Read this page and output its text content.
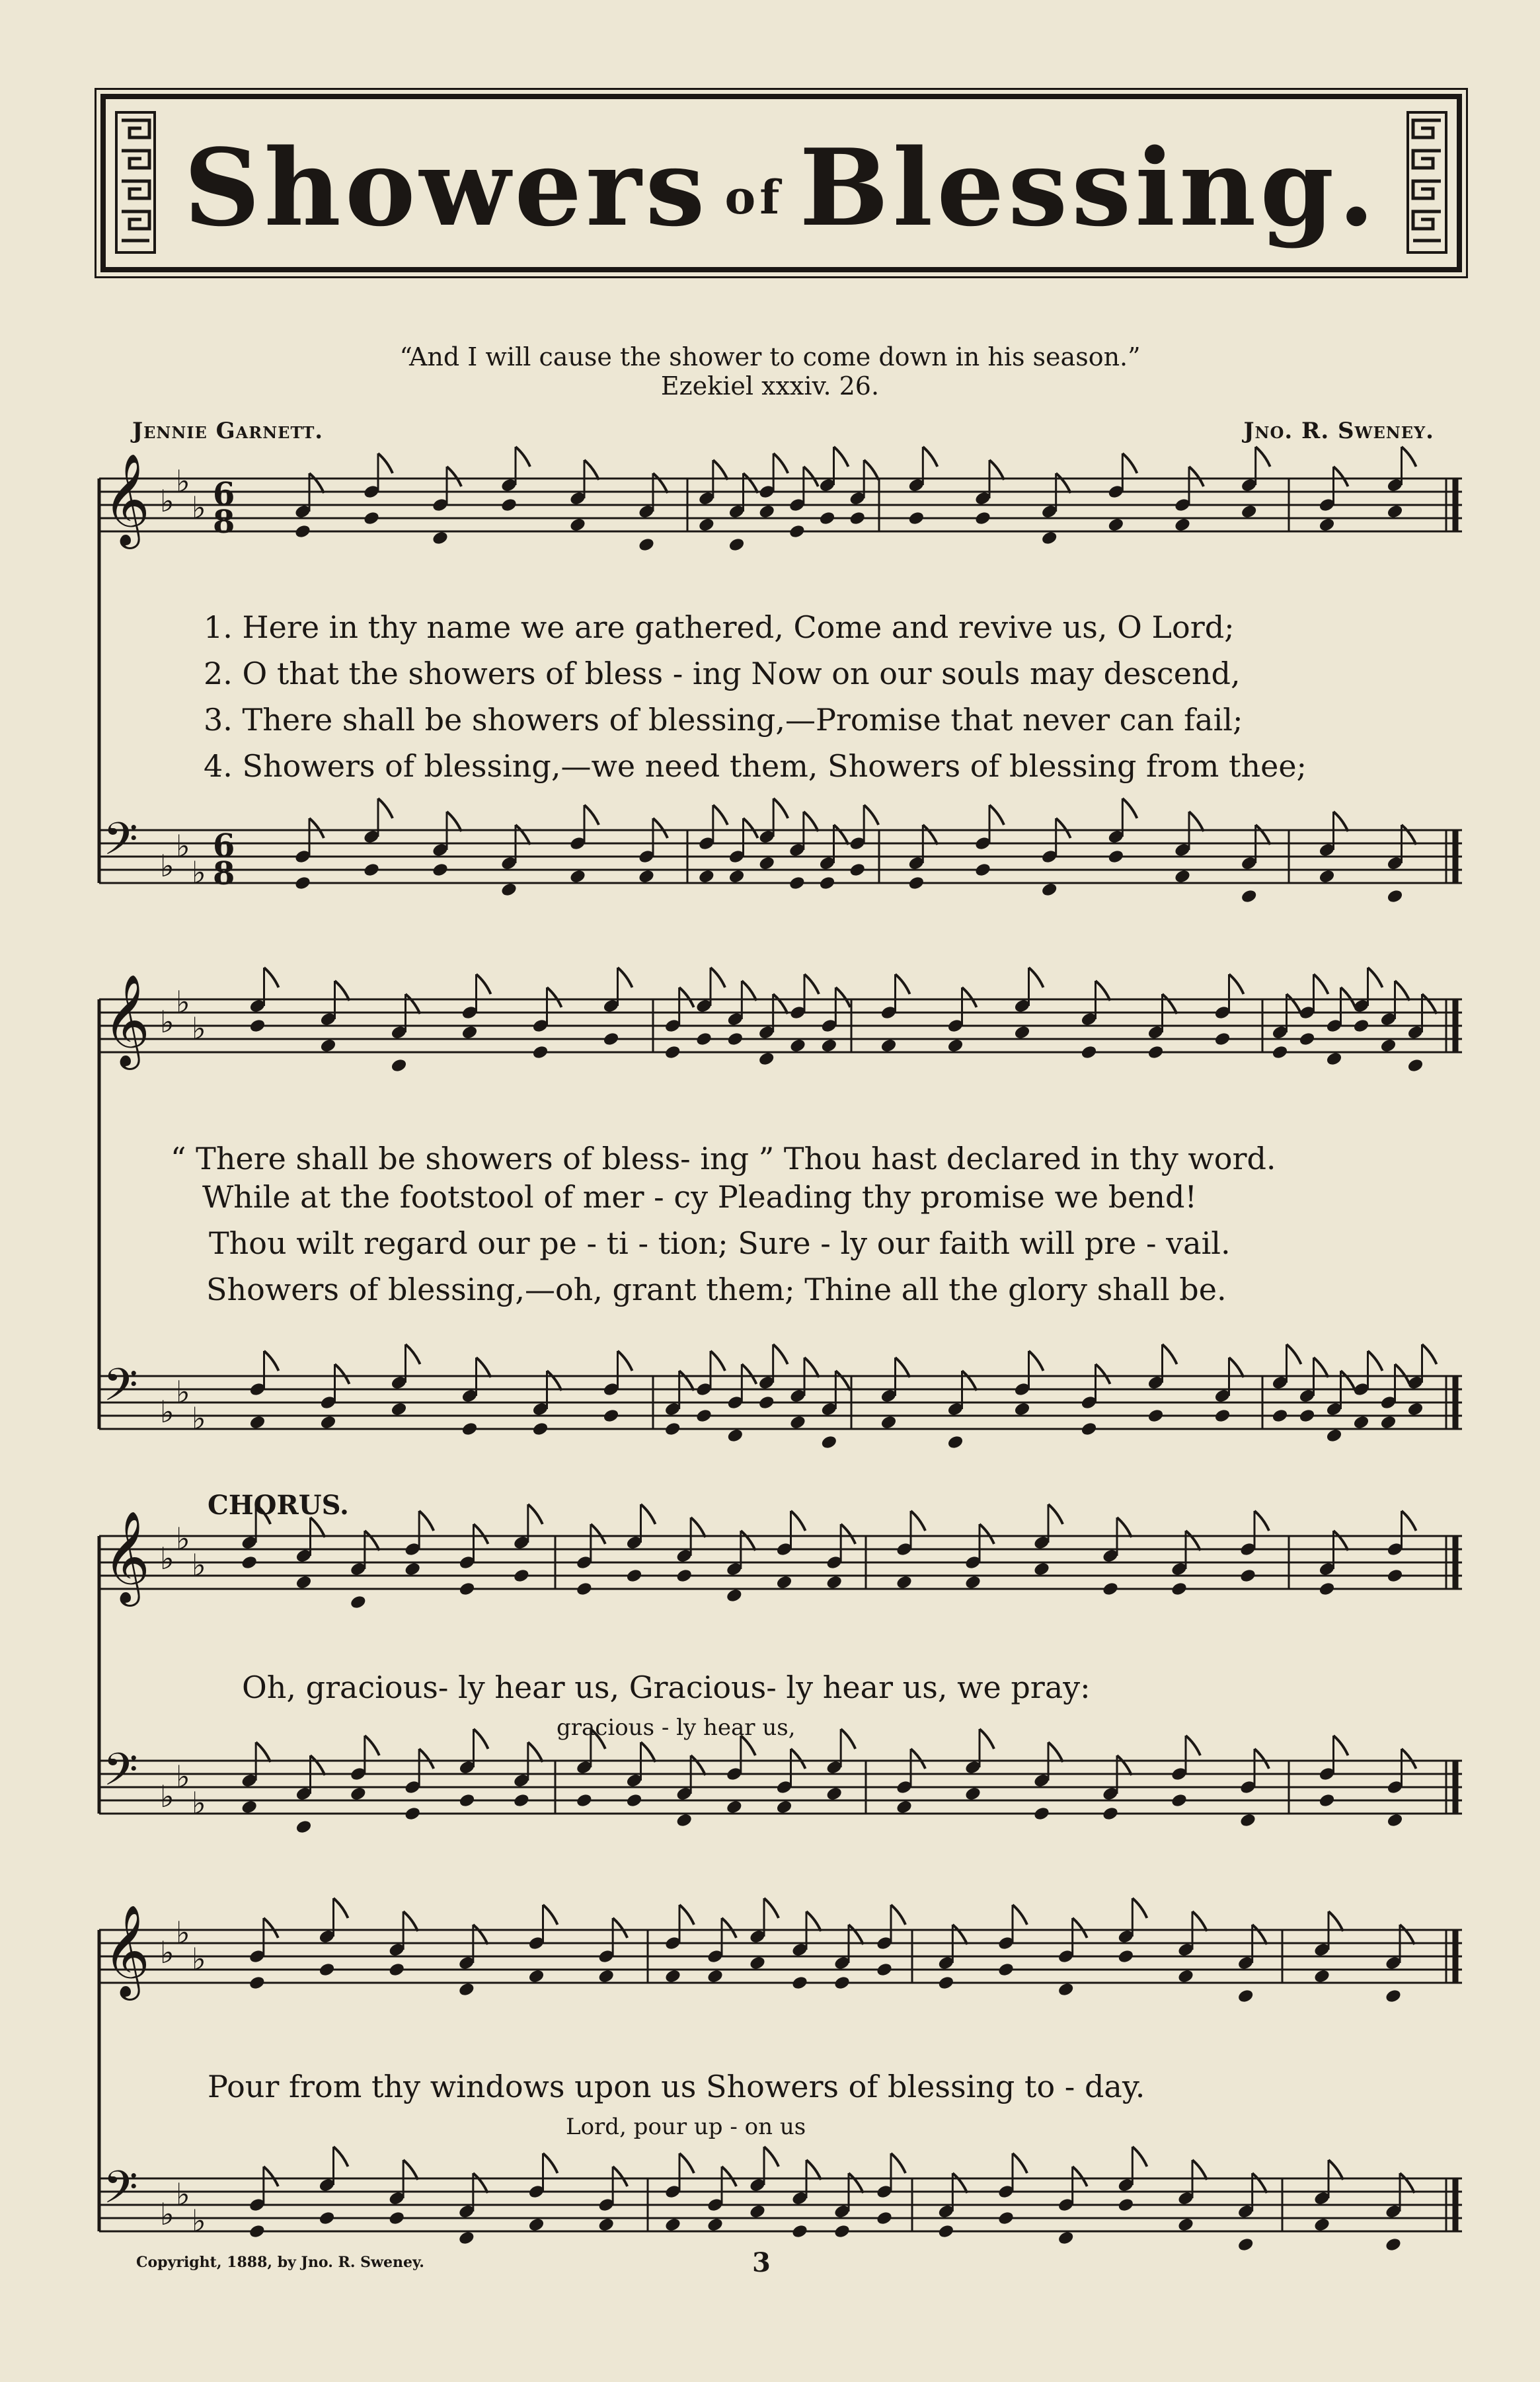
Showers of Blessing.
“And I will cause the shower to come down in his season.”
Ezekiel xxxiv. 26.
Jennie Garnett.	Jno. R. Sweney.
𝄞 ♭
♭
♭ 6
8
𝄢 ♭
♭
♭
6
8
𝄞 ♭
♭
♭
𝄢 ♭
♭
♭
𝄞 ♭
♭
♭
𝄢 ♭
♭
♭
𝄞 ♭
♭
♭
𝄢 ♭
♭
♭
1. Here in thy name we are gathered, Come and revive us, O Lord;
2. O that the showers of bless - ing Now on our souls may descend,
3. There shall be showers of blessing,—Promise that never can fail;
4. Showers of blessing,—we need them, Showers of blessing from thee;
“ There shall be showers of bless- ing ” Thou hast declared in thy word.
While at the footstool of mer - cy Pleading thy promise we bend!
Thou wilt regard our pe - ti - tion; Sure - ly our faith will pre - vail.
Showers of blessing,—oh, grant them; Thine all the glory shall be.
CHORUS.
Oh, gracious- ly hear us, Gracious- ly hear us, we pray:
gracious - ly hear us,
Pour from thy windows upon us Showers of blessing to - day.
Lord, pour up - on us
Copyright, 1888, by Jno. R. Sweney.	3
